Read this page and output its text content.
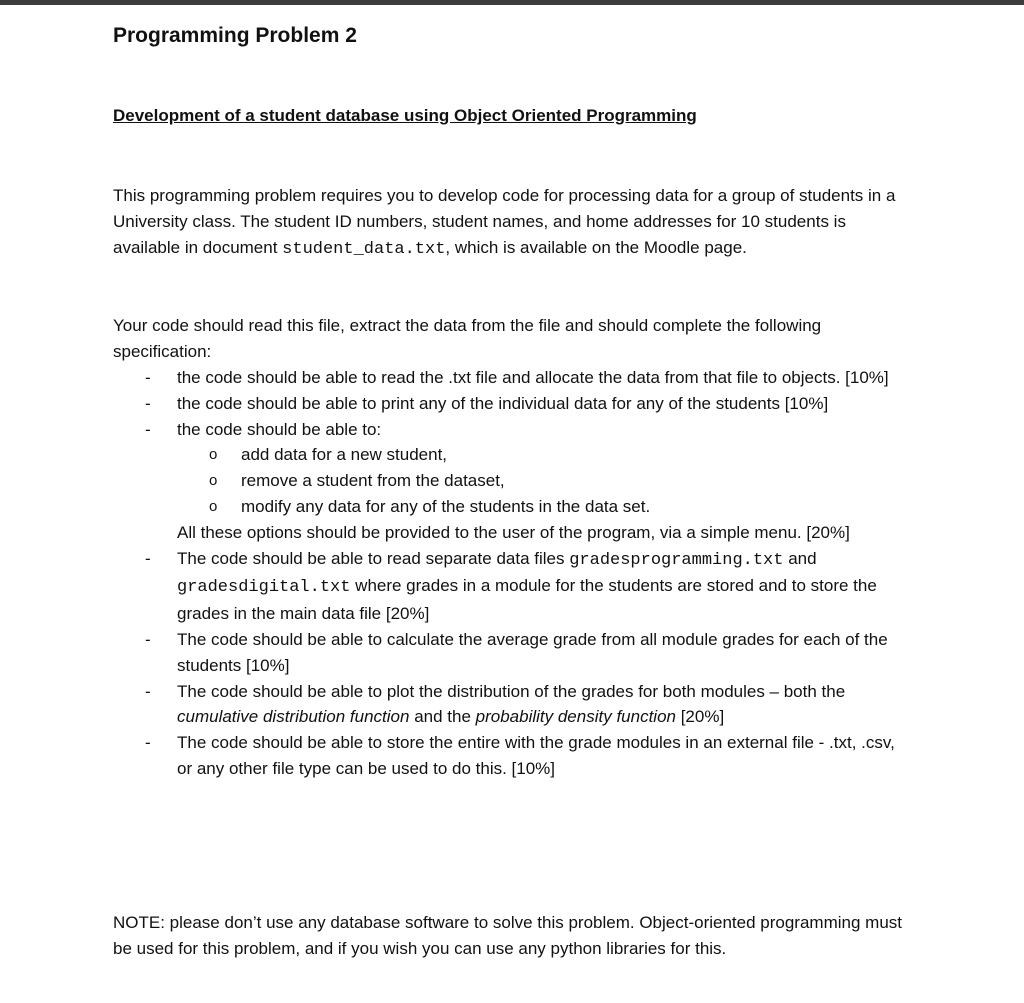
Programming Problem 2
Development of a student database using Object Oriented Programming

This programming problem requires you to develop code for processing data for a group of students in a University class. The student ID numbers, student names, and home addresses for 10 students is available in document student_data.txt, which is available on the Moodle page.

Your code should read this file, extract the data from the file and should complete the following specification:

- the code should be able to read the .txt file and allocate the data from that file to objects. [10%]
- the code should be able to print any of the individual data for any of the students [10%]
- the code should be able to:
o add data for a new student,
o remove a student from the dataset,
o modify any data for any of the students in the data set.
All these options should be provided to the user of the program, via a simple menu. [20%]
- The code should be able to read separate data files gradesprogramming.txt and gradesdigital.txt where grades in a module for the students are stored and to store the grades in the main data file [20%]
- The code should be able to calculate the average grade from all module grades for each of the students [10%]
- The code should be able to plot the distribution of the grades for both modules – both the cumulative distribution function and the probability density function [20%]
- The code should be able to store the entire with the grade modules in an external file - .txt, .csv, or any other file type can be used to do this. [10%]

NOTE: please don’t use any database software to solve this problem. Object-oriented programming must be used for this problem, and if you wish you can use any python libraries for this.
